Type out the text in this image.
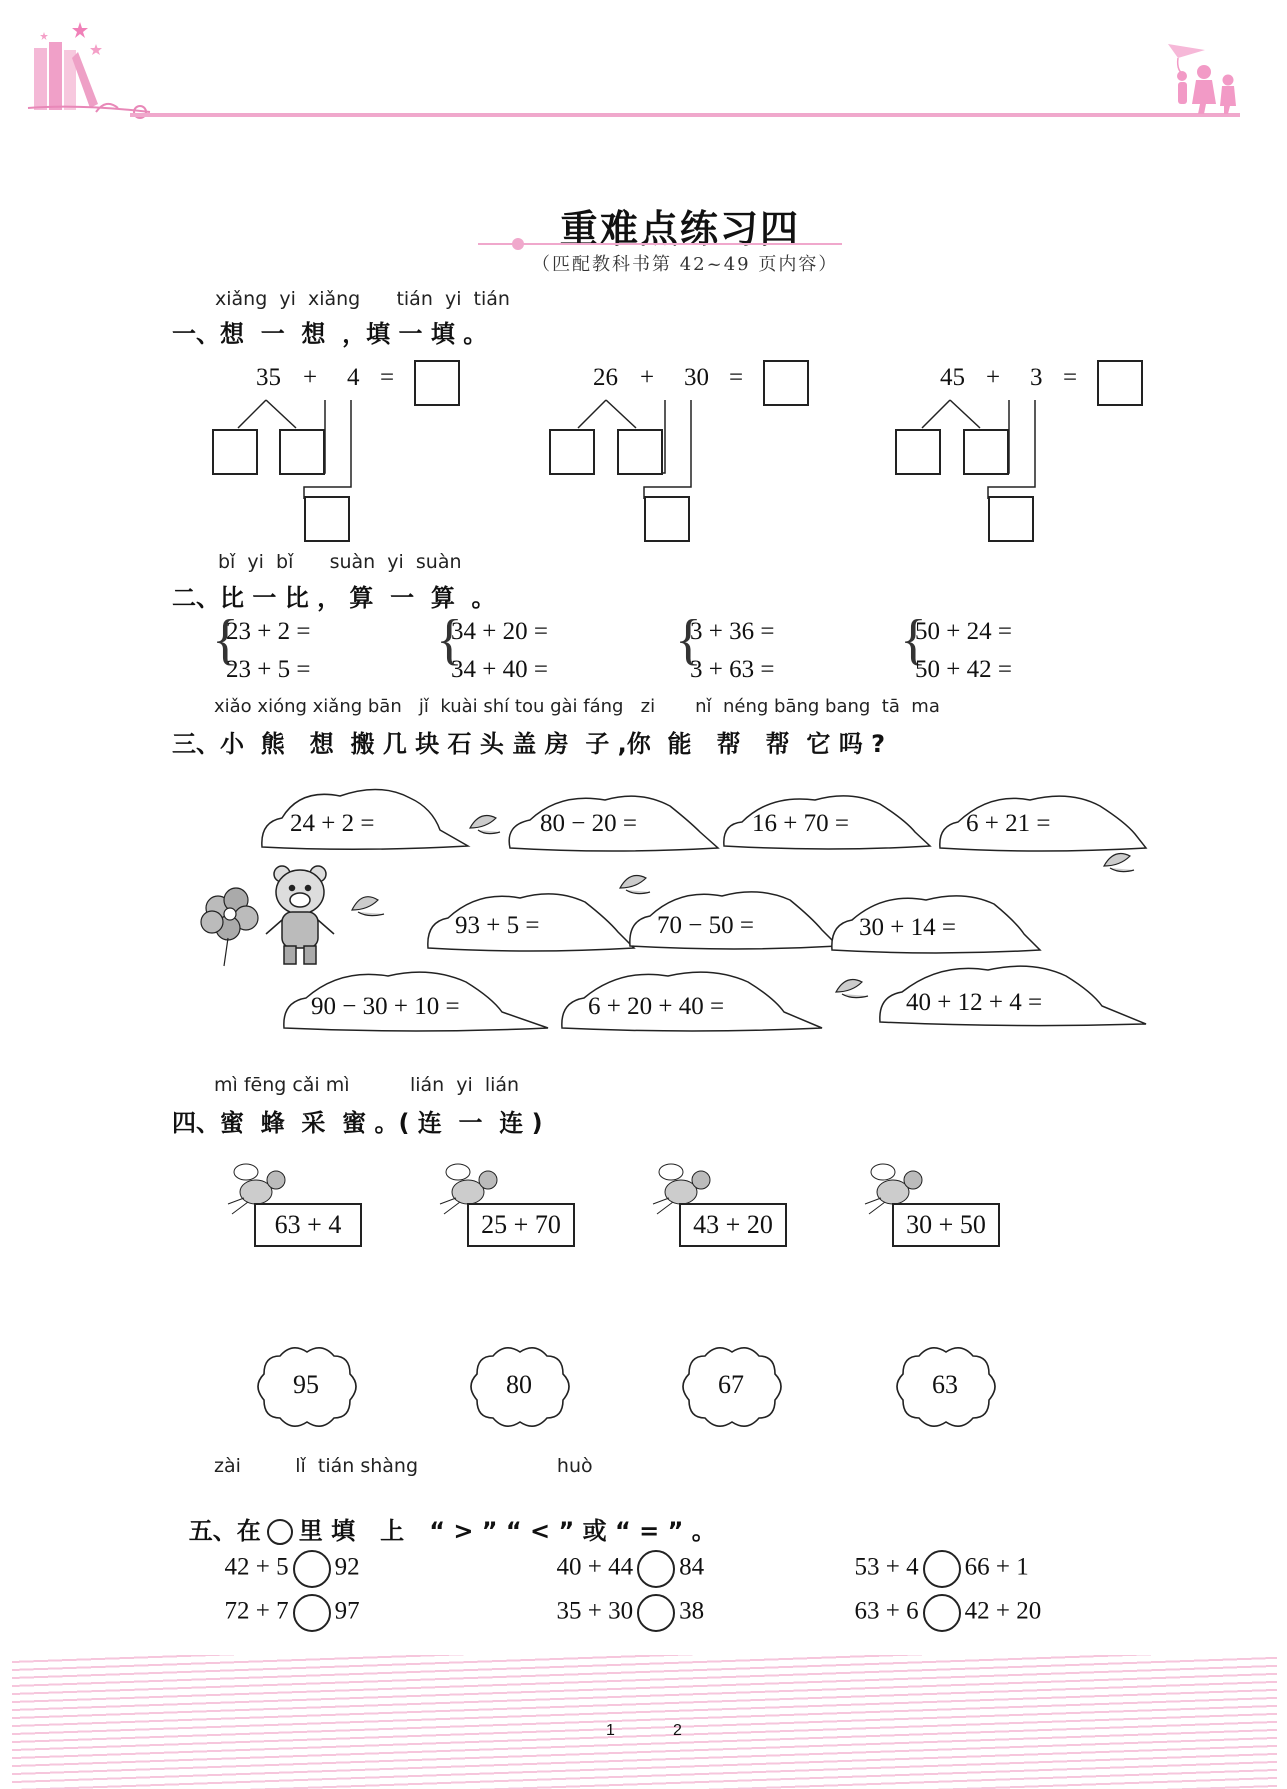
重难点练习四
（匹配教科书第 42~49 页内容）
xiǎng  yi  xiǎng      tián  yi  tián
一、想  一  想  ，填 一 填 。
35 + 4 =	26 + 30 =	45 + 3 =
bǐ  yi  bǐ      suàn  yi  suàn
二、比 一 比 ， 算  一  算  。
{
23 + 2 =
23 + 5 = {
34 + 20 =
34 + 40 = {
3 + 36 =
3 + 63 = {
50 + 24 =
50 + 42 =
xiǎo xióng xiǎng bān   jǐ  kuài shí tou gài fáng   zi       nǐ  néng bāng bang  tā  ma
三、小  熊   想  搬 几 块 石 头 盖 房  子 ,你  能   帮   帮  它 吗 ?
24 + 2 =	80 − 20 =	16 + 70 =	6 + 21 =
93 + 5 =	70 − 50 =	30 + 14 =
90 − 30 + 10 =	6 + 20 + 40 =	40 + 12 + 4 =
mì fēng cǎi mì          lián  yi  lián
四、蜜  蜂  采  蜜 。( 连  一  连 )
63 + 4	25 + 70	43 + 20	30 + 50
95	80	67	63
zài         lǐ  tián shàng                       huò

五、在 里 填   上   “ > ” “ < ” 或 “ = ” 。

42 + 5 92	40 + 44 84	53 + 4 66 + 1

72 + 7 97	35 + 30 38	63 + 6 42 + 20

1	2
